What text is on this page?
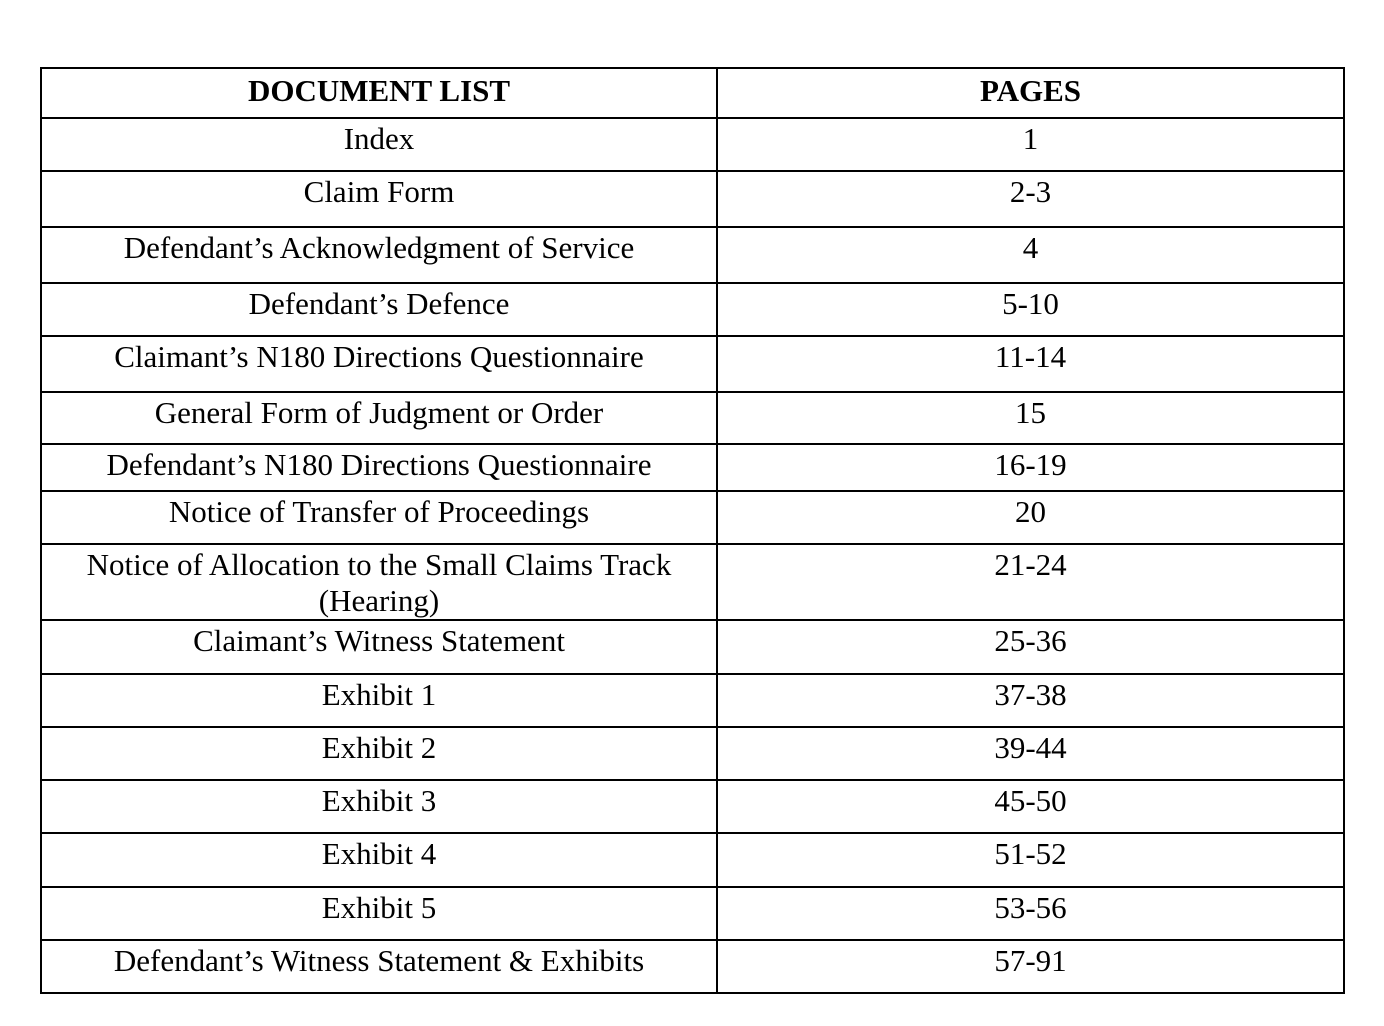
DOCUMENT LIST	PAGES
Index	1
Claim Form	2-3
Defendant’s Acknowledgment of Service	4
Defendant’s Defence	5-10
Claimant’s N180 Directions Questionnaire	11-14
General Form of Judgment or Order	15
Defendant’s N180 Directions Questionnaire	16-19
Notice of Transfer of Proceedings	20
Notice of Allocation to the Small Claims Track (Hearing)	21-24
Claimant’s Witness Statement	25-36
Exhibit 1	37-38
Exhibit 2	39-44
Exhibit 3	45-50
Exhibit 4	51-52
Exhibit 5	53-56
Defendant’s Witness Statement & Exhibits	57-91
